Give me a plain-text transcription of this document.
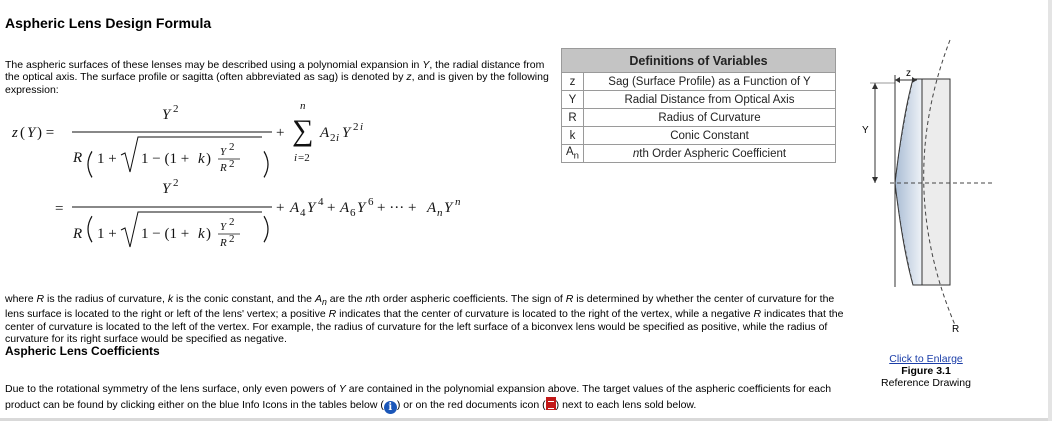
Aspheric Lens Design Formula

The aspheric surfaces of these lenses may be described using a polynomial expansion in Y, the radial distance from the optical axis. The surface profile or sagitta (often abbreviated as sag) is denoted by z, and is given by the following expression:

z ( Y ) =
Y 2
R 1 + 1 − (1 + k ) Y 2
R 2
+
n
∑
i =2
A 2 i Y 2 i
=
Y 2
R 1 + 1 − (1 + k ) Y 2
R 2
+ A 4 Y 4 + A 6 Y 6 + ··· + A n Y n
Definitions of Variables	
z	Sag (Surface Profile) as a Function of Y
Y	Radial Distance from Optical Axis
R	Radius of Curvature
k	Conic Constant
$A_n$	nth Order Aspheric Coefficient

where R is the radius of curvature, k is the conic constant, and the $A_n$ are the nth order aspheric coefficients. The sign of R is determined by whether the center of curvature for the lens surface is located to the right or left of the lens' vertex; a positive R indicates that the center of curvature is located to the right of the vertex, while a negative R indicates that the center of curvature is located to the left of the vertex. For example, the radius of curvature for the left surface of a biconvex lens would be specified as positive, while the radius of curvature for its right surface would be specified as negative.

Aspheric Lens Coefficients

Due to the rotational symmetry of the lens surface, only even powers of Y are contained in the polynomial expansion above. The target values of the aspheric coefficients for each product can be found by clicking either on the blue Info Icons in the tables below ( i ) or on the red documents icon ( ) next to each lens sold below.

Y
z
R
Click to Enlarge
Figure 3.1
Reference Drawing
